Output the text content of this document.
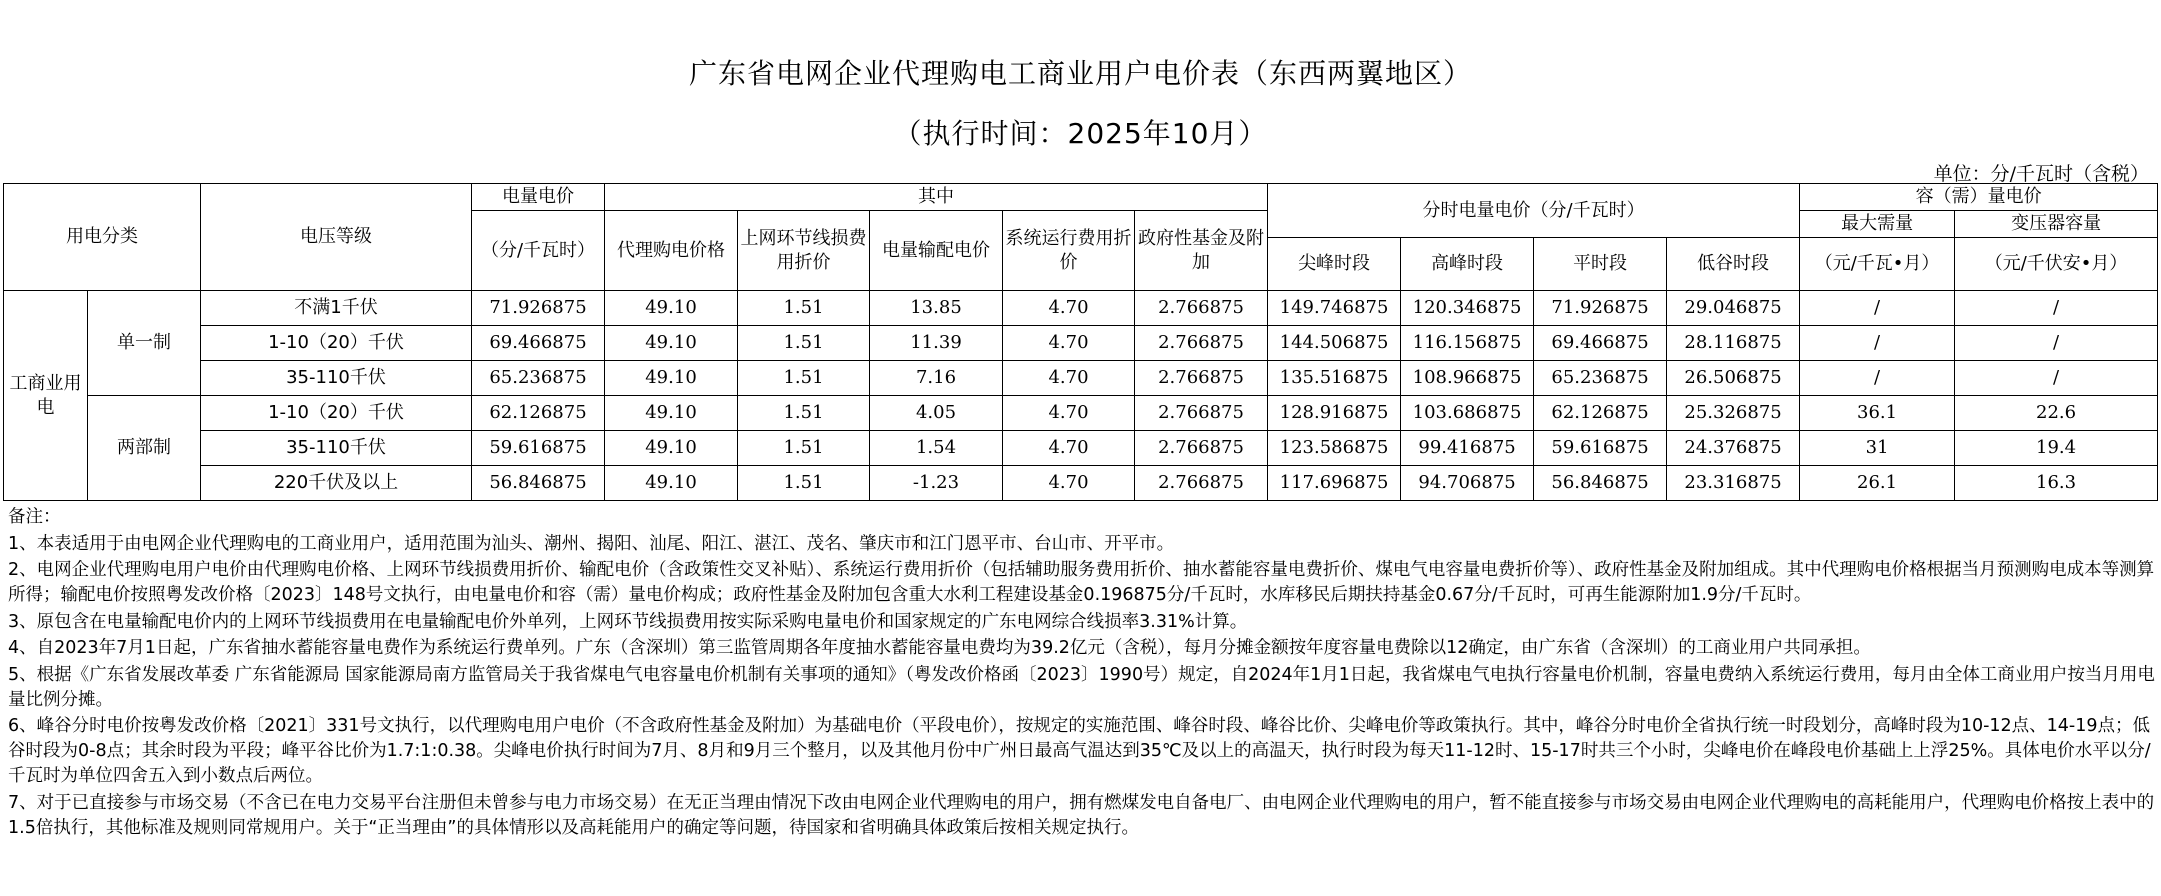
广东省电网企业代理购电工商业用户电价表（东西两翼地区）
（执行时间：2025年10月）
单位：分/千瓦时（含税）
用电分类		电压等级	电量电价	其中					分时电量电价（分/千瓦时）				容（需）量电价	
			（分/千瓦时）	代理购电价格	上网环节线损费用折价	电量输配电价	系统运行费用折价	政府性基金及附加					最大需量	变压器容量
									尖峰时段	高峰时段	平时段	低谷时段	（元/千瓦•月）	（元/千伏安•月）
工商业用电	单一制	不满1千伏	71.926875	49.10	1.51	13.85	4.70	2.766875	149.746875	120.346875	71.926875	29.046875	/	/
		1-10（20）千伏	69.466875	49.10	1.51	11.39	4.70	2.766875	144.506875	116.156875	69.466875	28.116875	/	/
		35-110千伏	65.236875	49.10	1.51	7.16	4.70	2.766875	135.516875	108.966875	65.236875	26.506875	/	/
	两部制	1-10（20）千伏	62.126875	49.10	1.51	4.05	4.70	2.766875	128.916875	103.686875	62.126875	25.326875	36.1	22.6
		35-110千伏	59.616875	49.10	1.51	1.54	4.70	2.766875	123.586875	99.416875	59.616875	24.376875	31	19.4
		220千伏及以上	56.846875	49.10	1.51	-1.23	4.70	2.766875	117.696875	94.706875	56.846875	23.316875	26.1	16.3

备注：

1、本表适用于由电网企业代理购电的工商业用户，适用范围为汕头、潮州、揭阳、汕尾、阳江、湛江、茂名、肇庆市和江门恩平市、台山市、开平市。

2、电网企业代理购电用户电价由代理购电价格、上网环节线损费用折价、输配电价（含政策性交叉补贴）、系统运行费用折价（包括辅助服务费用折价、抽水蓄能容量电费折价、煤电气电容量电费折价等）、政府性基金及附加组成。其中代理购电价格根据当月预测购电成本等测算所得；输配电价按照粤发改价格〔2023〕148号文执行，由电量电价和容（需）量电价构成；政府性基金及附加包含重大水利工程建设基金0.196875分/千瓦时，水库移民后期扶持基金0.67分/千瓦时，可再生能源附加1.9分/千瓦时。

3、原包含在电量输配电价内的上网环节线损费用在电量输配电价外单列，上网环节线损费用按实际采购电量电价和国家规定的广东电网综合线损率3.31%计算。

4、自2023年7月1日起，广东省抽水蓄能容量电费作为系统运行费单列。广东（含深圳）第三监管周期各年度抽水蓄能容量电费均为39.2亿元（含税），每月分摊金额按年度容量电费除以12确定，由广东省（含深圳）的工商业用户共同承担。

5、根据《广东省发展改革委 广东省能源局 国家能源局南方监管局关于我省煤电气电容量电价机制有关事项的通知》（粤发改价格函〔2023〕1990号）规定，自2024年1月1日起，我省煤电气电执行容量电价机制，容量电费纳入系统运行费用，每月由全体工商业用户按当月用电量比例分摊。

6、峰谷分时电价按粤发改价格〔2021〕331号文执行，以代理购电用户电价（不含政府性基金及附加）为基础电价（平段电价），按规定的实施范围、峰谷时段、峰谷比价、尖峰电价等政策执行。其中，峰谷分时电价全省执行统一时段划分，高峰时段为10-12点、14-19点；低谷时段为0-8点；其余时段为平段；峰平谷比价为1.7:1:0.38。尖峰电价执行时间为7月、8月和9月三个整月，以及其他月份中广州日最高气温达到35℃及以上的高温天，执行时段为每天11-12时、15-17时共三个小时，尖峰电价在峰段电价基础上上浮25%。具体电价水平以分/千瓦时为单位四舍五入到小数点后两位。

7、对于已直接参与市场交易（不含已在电力交易平台注册但未曾参与电力市场交易）在无正当理由情况下改由电网企业代理购电的用户，拥有燃煤发电自备电厂、由电网企业代理购电的用户，暂不能直接参与市场交易由电网企业代理购电的高耗能用户，代理购电价格按上表中的1.5倍执行，其他标准及规则同常规用户。关于“正当理由”的具体情形以及高耗能用户的确定等问题，待国家和省明确具体政策后按相关规定执行。
